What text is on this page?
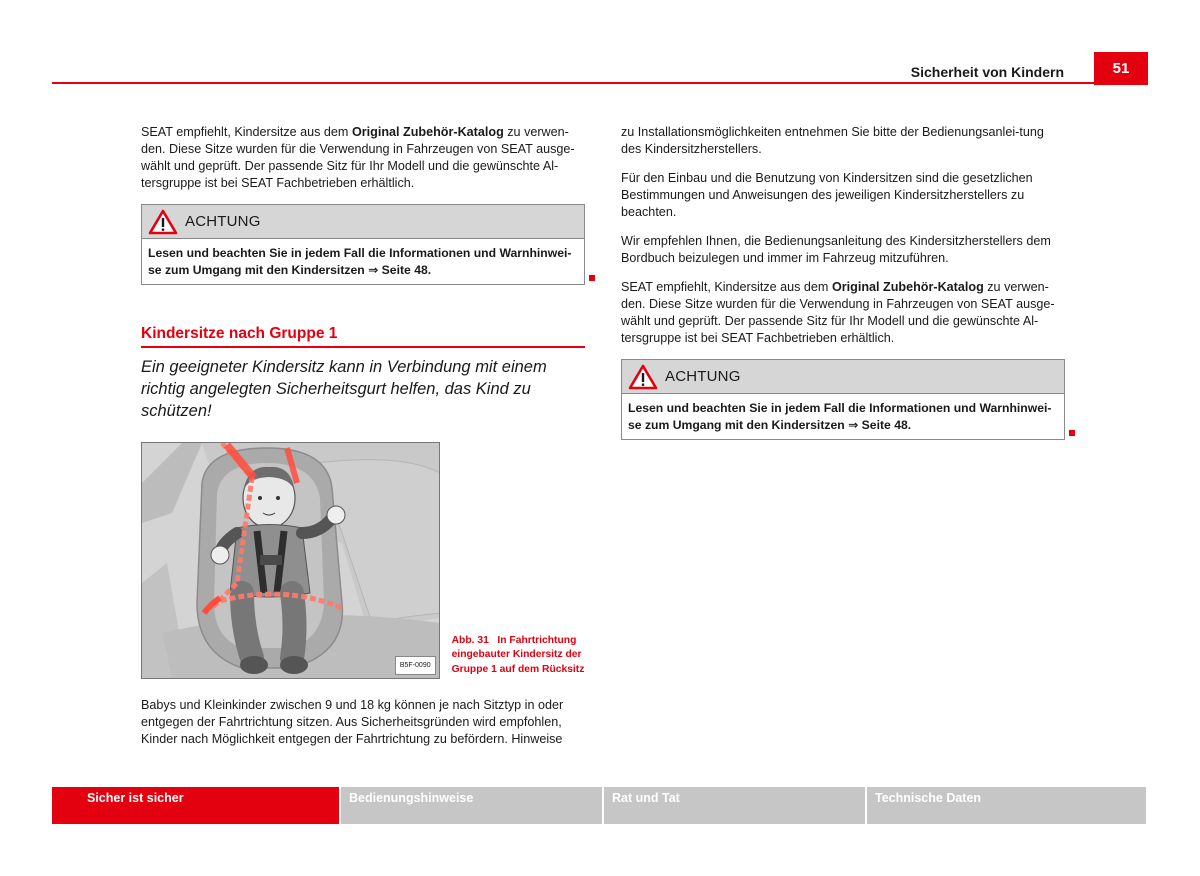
Sicherheit von Kindern	51

SEAT empfiehlt, Kindersitze aus dem Original Zubehör-Katalog zu verwen-den. Diese Sitze wurden für die Verwendung in Fahrzeugen von SEAT ausge-wählt und geprüft. Der passende Sitz für Ihr Modell und die gewünschte Al-tersgruppe ist bei SEAT Fachbetrieben erhältlich.

ACHTUNG
Lesen und beachten Sie in jedem Fall die Informationen und Warnhinwei-se zum Umgang mit den Kindersitzen ⇒ Seite 48.
Kindersitze nach Gruppe 1
Ein geeigneter Kindersitz kann in Verbindung mit einem richtig angelegten Sicherheitsgurt helfen, das Kind zu schützen!
B5F-0090
Abb. 31 In Fahrtrichtung eingebauter Kindersitz der Gruppe 1 auf dem Rücksitz

Babys und Kleinkinder zwischen 9 und 18 kg können je nach Sitztyp in oder entgegen der Fahrtrichtung sitzen. Aus Sicherheitsgründen wird empfohlen, Kinder nach Möglichkeit entgegen der Fahrtrichtung zu befördern. Hinweise

zu Installationsmöglichkeiten entnehmen Sie bitte der Bedienungsanlei-tung des Kindersitzherstellers.

Für den Einbau und die Benutzung von Kindersitzen sind die gesetzlichen Bestimmungen und Anweisungen des jeweiligen Kindersitzherstellers zu beachten.

Wir empfehlen Ihnen, die Bedienungsanleitung des Kindersitzherstellers dem Bordbuch beizulegen und immer im Fahrzeug mitzuführen.

SEAT empfiehlt, Kindersitze aus dem Original Zubehör-Katalog zu verwen-den. Diese Sitze wurden für die Verwendung in Fahrzeugen von SEAT ausge-wählt und geprüft. Der passende Sitz für Ihr Modell und die gewünschte Al-tersgruppe ist bei SEAT Fachbetrieben erhältlich.

ACHTUNG
Lesen und beachten Sie in jedem Fall die Informationen und Warnhinwei-se zum Umgang mit den Kindersitzen ⇒ Seite 48.
Sicher ist sicher	Bedienungshinweise	Rat und Tat	Technische Daten
